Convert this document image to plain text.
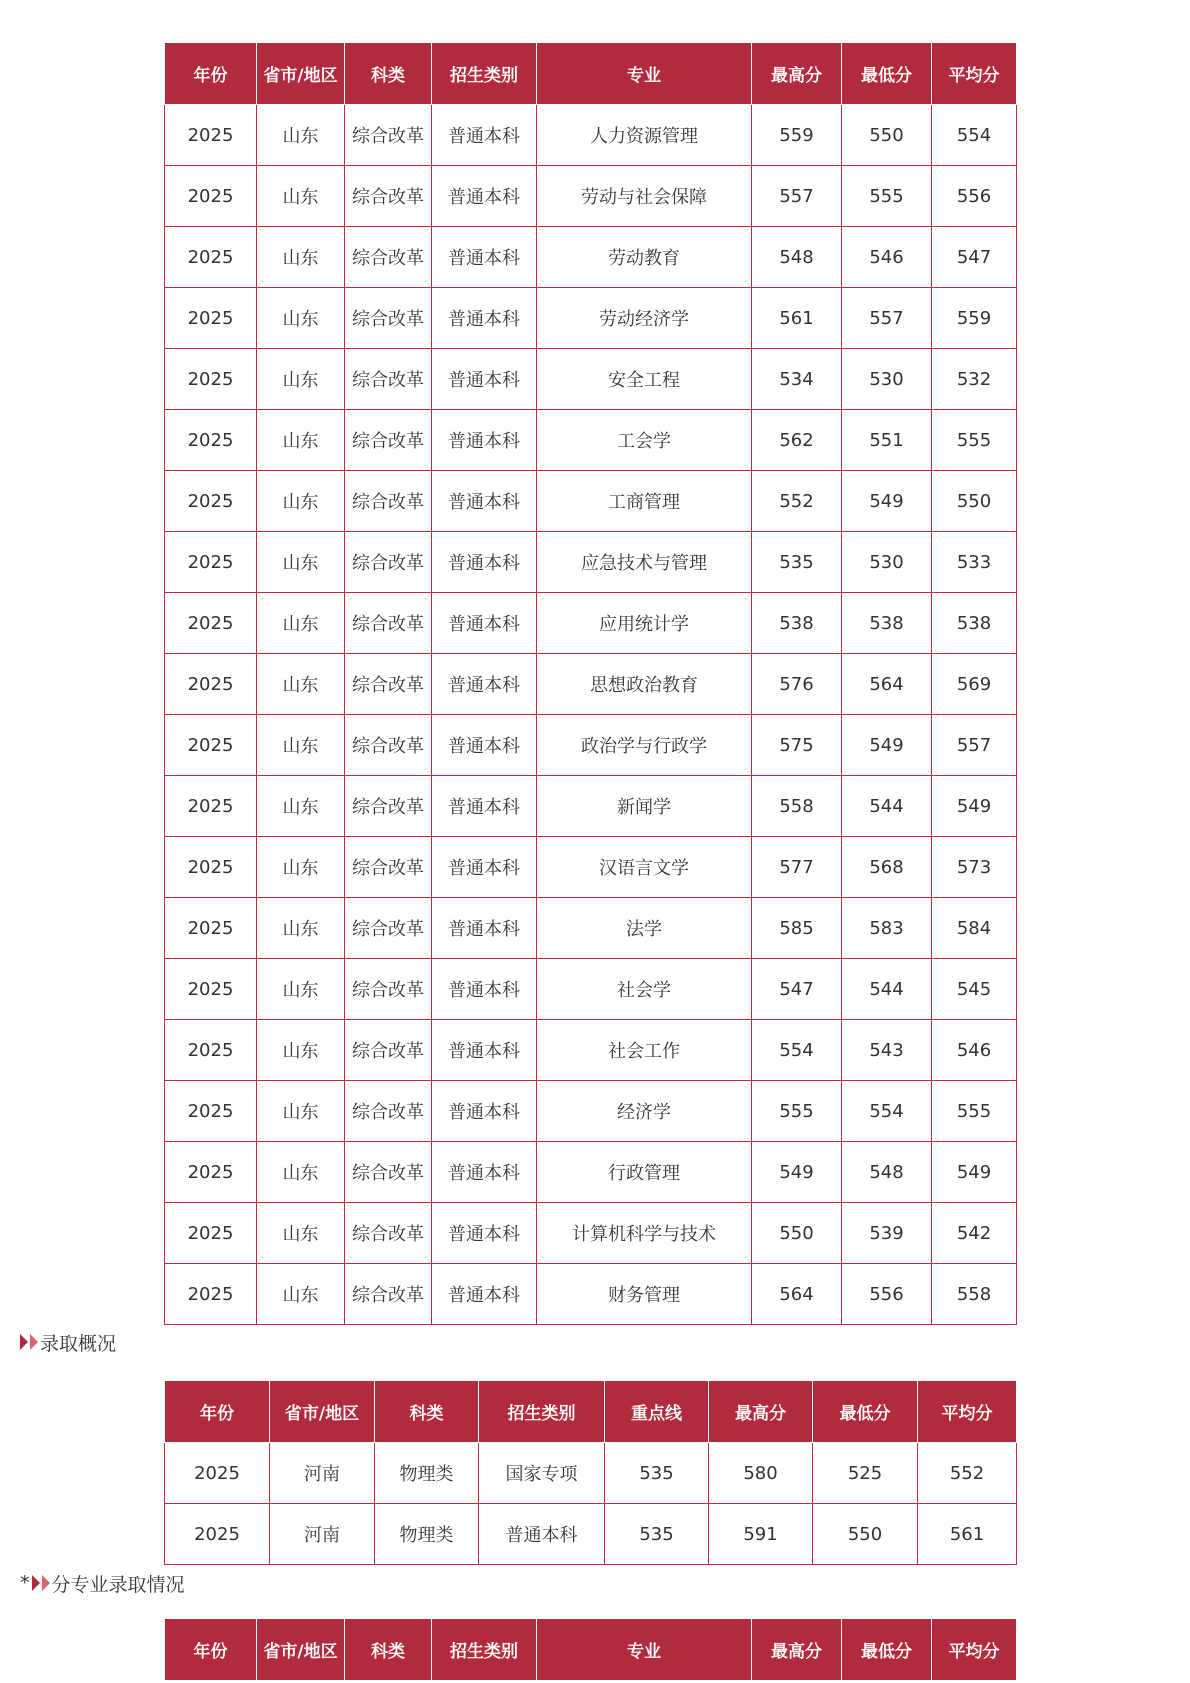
年份	省市/地区	科类	招生类别	专业	最高分	最低分	平均分
2025	山东	综合改革	普通本科	人力资源管理	559	550	554
2025	山东	综合改革	普通本科	劳动与社会保障	557	555	556
2025	山东	综合改革	普通本科	劳动教育	548	546	547
2025	山东	综合改革	普通本科	劳动经济学	561	557	559
2025	山东	综合改革	普通本科	安全工程	534	530	532
2025	山东	综合改革	普通本科	工会学	562	551	555
2025	山东	综合改革	普通本科	工商管理	552	549	550
2025	山东	综合改革	普通本科	应急技术与管理	535	530	533
2025	山东	综合改革	普通本科	应用统计学	538	538	538
2025	山东	综合改革	普通本科	思想政治教育	576	564	569
2025	山东	综合改革	普通本科	政治学与行政学	575	549	557
2025	山东	综合改革	普通本科	新闻学	558	544	549
2025	山东	综合改革	普通本科	汉语言文学	577	568	573
2025	山东	综合改革	普通本科	法学	585	583	584
2025	山东	综合改革	普通本科	社会学	547	544	545
2025	山东	综合改革	普通本科	社会工作	554	543	546
2025	山东	综合改革	普通本科	经济学	555	554	555
2025	山东	综合改革	普通本科	行政管理	549	548	549
2025	山东	综合改革	普通本科	计算机科学与技术	550	539	542
2025	山东	综合改革	普通本科	财务管理	564	556	558
录取概况
年份	省市/地区	科类	招生类别	重点线	最高分	最低分	平均分
2025	河南	物理类	国家专项	535	580	525	552
2025	河南	物理类	普通本科	535	591	550	561
* 分专业录取情况
年份	省市/地区	科类	招生类别	专业	最高分	最低分	平均分
